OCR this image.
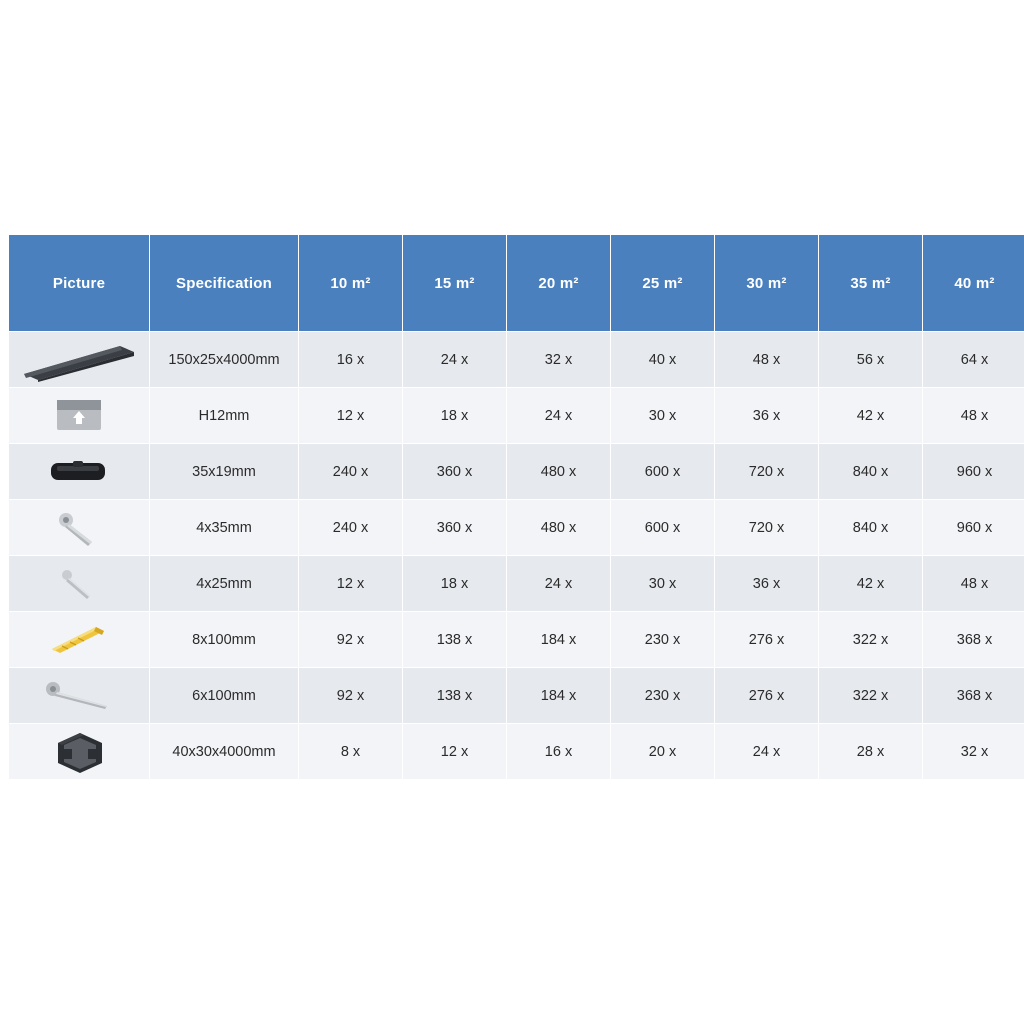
Picture	Specification	10 m²	15 m²	20 m²	25 m²	30 m²	35 m²	40 m²

	150x25x4000mm	16 x	24 x	32 x	40 x	48 x	56 x	64 x

	H12mm	12 x	18 x	24 x	30 x	36 x	42 x	48 x

	35x19mm	240 x	360 x	480 x	600 x	720 x	840 x	960 x

	4x35mm	240 x	360 x	480 x	600 x	720 x	840 x	960 x

	4x25mm	12 x	18 x	24 x	30 x	36 x	42 x	48 x

	8x100mm	92 x	138 x	184 x	230 x	276 x	322 x	368 x

	6x100mm	92 x	138 x	184 x	230 x	276 x	322 x	368 x

	40x30x4000mm	8 x	12 x	16 x	20 x	24 x	28 x	32 x
